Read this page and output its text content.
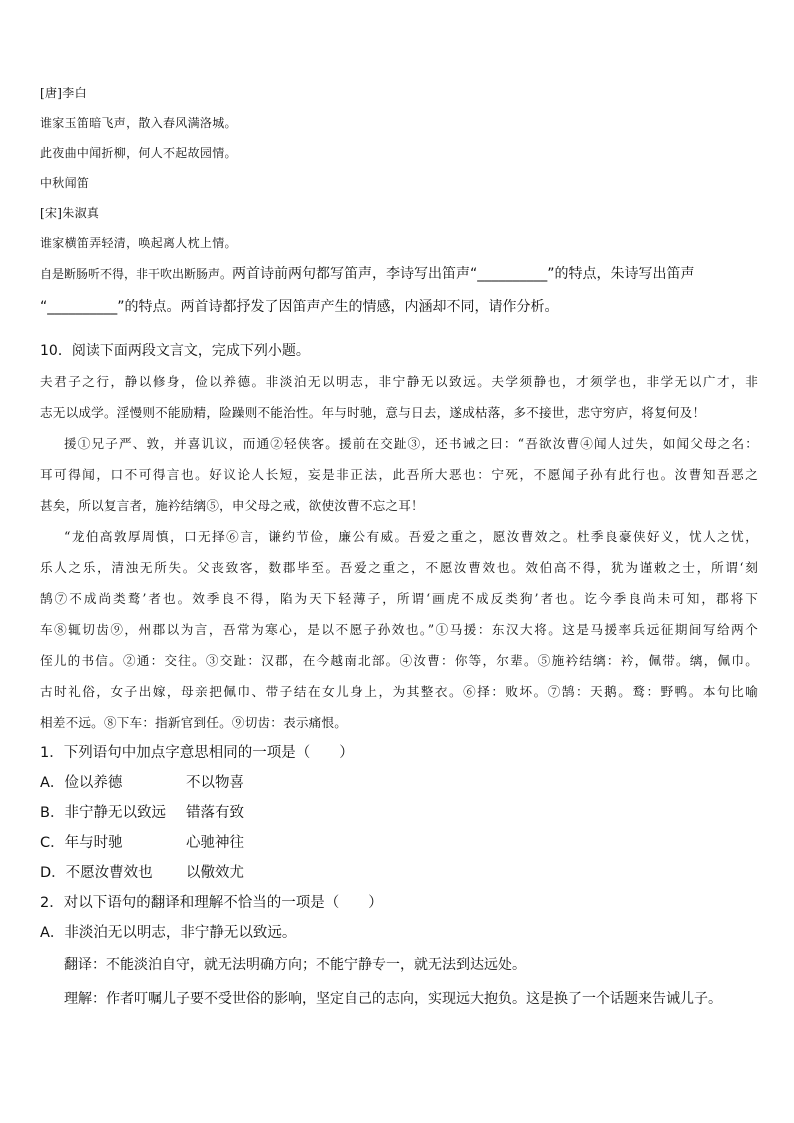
[唐]李白
谁家玉笛暗飞声，散入春风满洛城。
此夜曲中闻折柳，何人不起故园情。
中秋闻笛
[宋]朱淑真
谁家横笛弄轻清，唤起离人枕上情。
自是断肠听不得，非干吹出断肠声。两首诗前两句都写笛声，李诗写出笛声“__________”的特点，朱诗写出笛声
“__________”的特点。两首诗都抒发了因笛声产生的情感，内涵却不同，请作分析。
10．阅读下面两段文言文，完成下列小题。
夫君子之行，静以修身，俭以养德。非淡泊无以明志，非宁静无以致远。夫学须静也，才须学也，非学无以广才，非
志无以成学。淫慢则不能励精，险躁则不能治性。年与时驰，意与日去，遂成枯落，多不接世，悲守穷庐，将复何及！
援①兄子严、敦，并喜讥议，而通②轻侠客。援前在交趾③，还书诫之曰：“吾欲汝曹④闻人过失，如闻父母之名：
耳可得闻，口不可得言也。好议论人长短，妄是非正法，此吾所大恶也：宁死，不愿闻子孙有此行也。汝曹知吾恶之
甚矣，所以复言者，施衿结缡⑤，申父母之戒，欲使汝曹不忘之耳！
“龙伯高敦厚周慎，口无择⑥言，谦约节俭，廉公有威。吾爱之重之，愿汝曹效之。杜季良豪侠好义，忧人之忧，
乐人之乐，清浊无所失。父丧致客，数郡毕至。吾爱之重之，不愿汝曹效也。效伯高不得，犹为谨敕之士，所谓‘刻
鹄⑦不成尚类鹜’者也。效季良不得，陷为天下轻薄子，所谓‘画虎不成反类狗’者也。讫今季良尚未可知，郡将下
车⑧辄切齿⑨，州郡以为言，吾常为寒心，是以不愿子孙效也。”①马援：东汉大将。这是马援率兵远征期间写给两个
侄儿的书信。②通：交往。③交趾：汉郡，在今越南北部。④汝曹：你等，尔辈。⑤施衿结缡：衿，佩带。缡，佩巾。
古时礼俗，女子出嫁，母亲把佩巾、带子结在女儿身上，为其整衣。⑥择：败坏。⑦鹄：天鹅。鹜：野鸭。本句比喻
相差不远。⑧下车：指新官到任。⑨切齿：表示痛恨。
1．下列语句中加点字意思相同的一项是（　　）
A．俭以养德	不以物喜
B．非宁静无以致远	错落有致
C．年与时驰	心驰神往
D．不愿汝曹效也	以儆效尤
2．对以下语句的翻译和理解不恰当的一项是（　　）
A．非淡泊无以明志，非宁静无以致远。
翻译：不能淡泊自守，就无法明确方向；不能宁静专一，就无法到达远处。
理解：作者叮嘱儿子要不受世俗的影响，坚定自己的志向，实现远大抱负。这是换了一个话题来告诫儿子。
